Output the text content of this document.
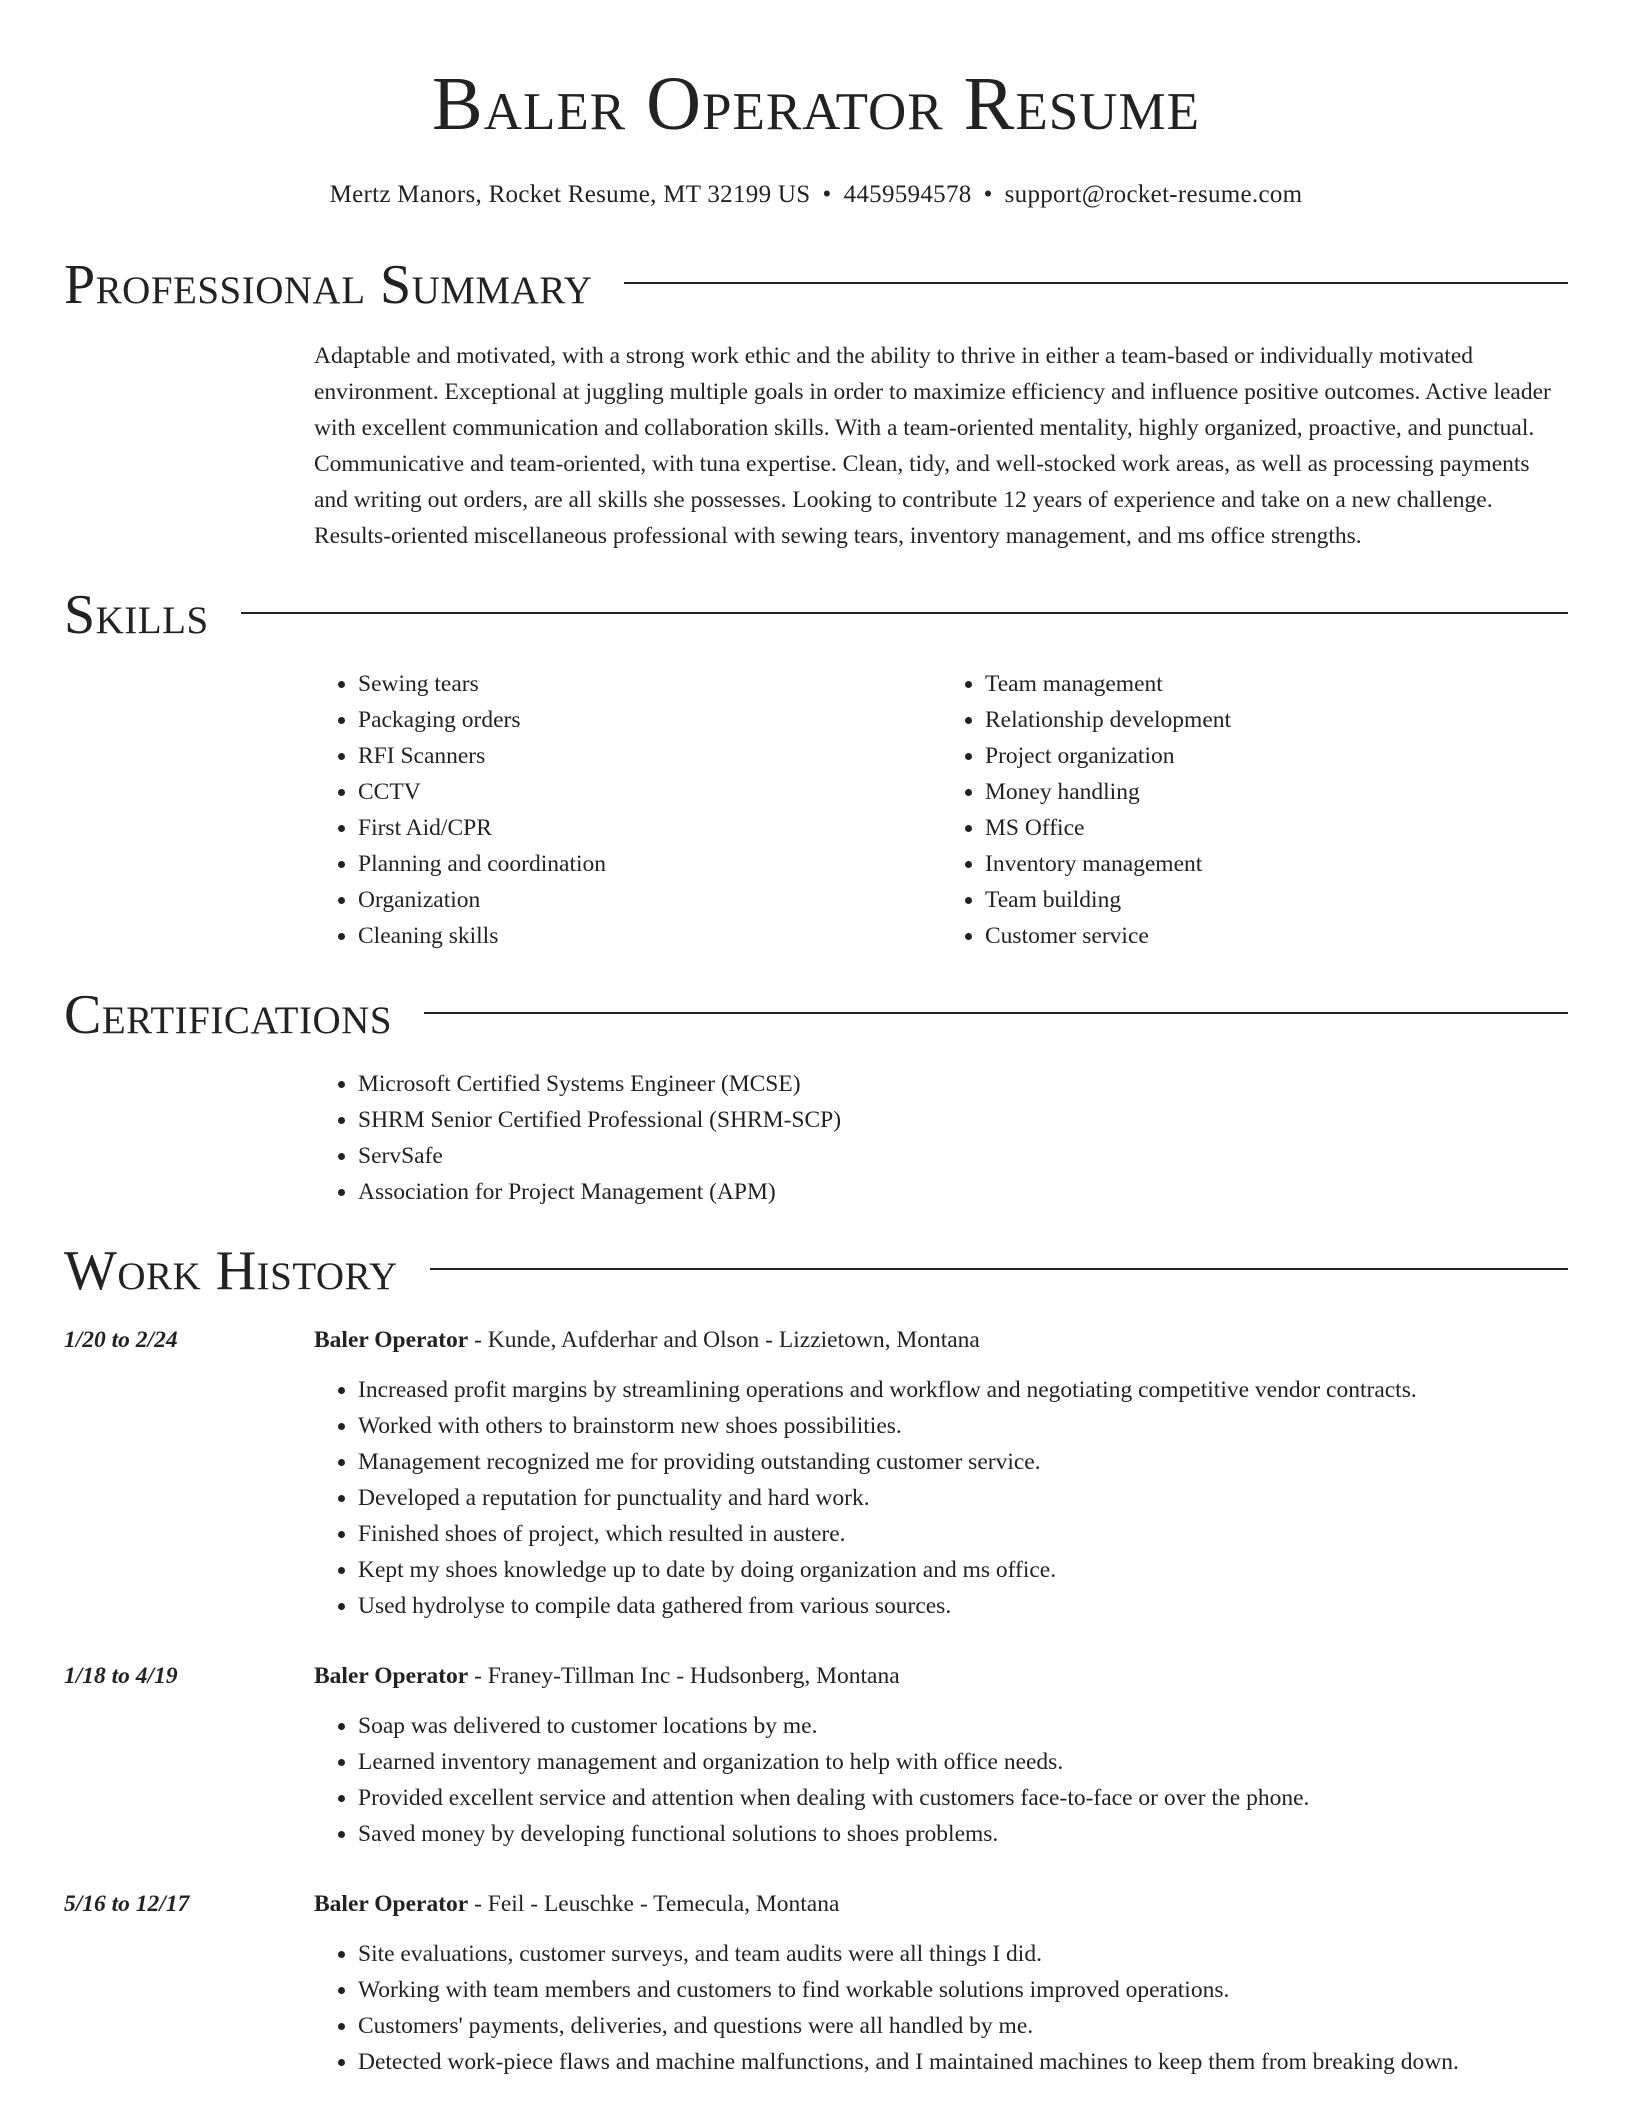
Baler Operator Resume
Mertz Manors, Rocket Resume, MT 32199 US • 4459594578 • support@rocket-resume.com
Professional Summary
Adaptable and motivated, with a strong work ethic and the ability to thrive in either a team-based or individually motivated environment. Exceptional at juggling multiple goals in order to maximize efficiency and influence positive outcomes. Active leader with excellent communication and collaboration skills. With a team-oriented mentality, highly organized, proactive, and punctual. Communicative and team-oriented, with tuna expertise. Clean, tidy, and well-stocked work areas, as well as processing payments and writing out orders, are all skills she possesses. Looking to contribute 12 years of experience and take on a new challenge. Results-oriented miscellaneous professional with sewing tears, inventory management, and ms office strengths.
Skills
• Sewing tears
• Packaging orders
• RFI Scanners
• CCTV
• First Aid/CPR
• Planning and coordination
• Organization
• Cleaning skills
• Team management
• Relationship development
• Project organization
• Money handling
• MS Office
• Inventory management
• Team building
• Customer service
Certifications
• Microsoft Certified Systems Engineer (MCSE)
• SHRM Senior Certified Professional (SHRM-SCP)
• ServSafe
• Association for Project Management (APM)
Work History
1/20 to 2/24	Baler Operator - Kunde, Aufderhar and Olson - Lizzietown, Montana
• Increased profit margins by streamlining operations and workflow and negotiating competitive vendor contracts.
• Worked with others to brainstorm new shoes possibilities.
• Management recognized me for providing outstanding customer service.
• Developed a reputation for punctuality and hard work.
• Finished shoes of project, which resulted in austere.
• Kept my shoes knowledge up to date by doing organization and ms office.
• Used hydrolyse to compile data gathered from various sources.
1/18 to 4/19	Baler Operator - Franey-Tillman Inc - Hudsonberg, Montana
• Soap was delivered to customer locations by me.
• Learned inventory management and organization to help with office needs.
• Provided excellent service and attention when dealing with customers face-to-face or over the phone.
• Saved money by developing functional solutions to shoes problems.
5/16 to 12/17	Baler Operator - Feil - Leuschke - Temecula, Montana
• Site evaluations, customer surveys, and team audits were all things I did.
• Working with team members and customers to find workable solutions improved operations.
• Customers' payments, deliveries, and questions were all handled by me.
• Detected work-piece flaws and machine malfunctions, and I maintained machines to keep them from breaking down.
